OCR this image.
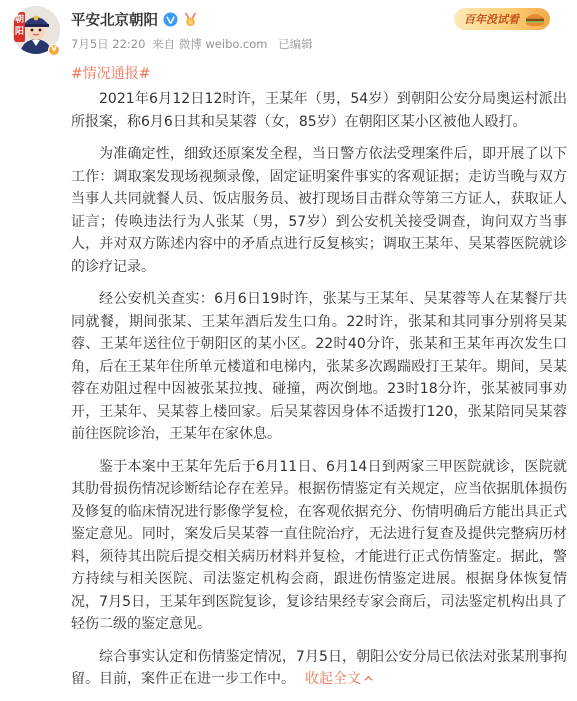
朝阳
v
平安北京朝阳	百年没试看
7月5日 22:20 来自 微博 weibo.com 已编辑
#情况通报#

2021年6月12日12时许，王某年（男，54岁）到朝阳公安分局奥运村派出所报案，称6月6日其和吴某蓉（女，85岁）在朝阳区某小区被他人殴打。

为准确定性，细致还原案发全程，当日警方依法受理案件后，即开展了以下工作：调取案发现场视频录像，固定证明案件事实的客观证据；走访当晚与双方当事人共同就餐人员、饭店服务员、被打现场目击群众等第三方证人，获取证人证言；传唤违法行为人张某（男，57岁）到公安机关接受调查，询问双方当事人，并对双方陈述内容中的矛盾点进行反复核实；调取王某年、吴某蓉医院就诊的诊疗记录。

经公安机关查实：6月6日19时许，张某与王某年、吴某蓉等人在某餐厅共同就餐，期间张某、王某年酒后发生口角。22时许，张某和其同事分别将吴某蓉、王某年送往位于朝阳区的某小区。22时40分许，张某和王某年再次发生口角，后在王某年住所单元楼道和电梯内，张某多次踢踹殴打王某年。期间，吴某蓉在劝阻过程中因被张某拉拽、碰撞，两次倒地。23时18分许，张某被同事劝开，王某年、吴某蓉上楼回家。后吴某蓉因身体不适拨打120，张某陪同吴某蓉前往医院诊治，王某年在家休息。

鉴于本案中王某年先后于6月11日、6月14日到两家三甲医院就诊，医院就其肋骨损伤情况诊断结论存在差异。根据伤情鉴定有关规定，应当依据肌体损伤及修复的临床情况进行影像学复检，在客观依据充分、伤情明确后方能出具正式鉴定意见。同时，案发后吴某蓉一直住院治疗，无法进行复查及提供完整病历材料，须待其出院后提交相关病历材料并复检，才能进行正式伤情鉴定。据此，警方持续与相关医院、司法鉴定机构会商，跟进伤情鉴定进展。根据身体恢复情况，7月5日，王某年到医院复诊，复诊结果经专家会商后，司法鉴定机构出具了轻伤二级的鉴定意见。

综合事实认定和伤情鉴定情况，7月5日，朝阳公安分局已依法对张某刑事拘留。目前，案件正在进一步工作中。 收起全文
